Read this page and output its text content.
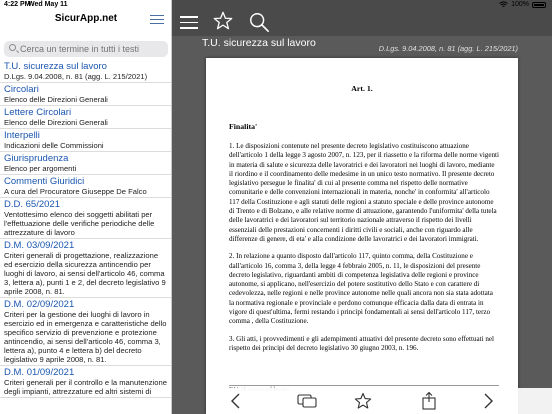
4:22 PM
Wed May 11	100%
SicurApp.net
Cerca un termine in tutti i testi
T.U. sicurezza sul lavoro
D.Lgs. 9.04.2008, n. 81 (agg. L. 215/2021)
Circolari
Elenco delle Direzioni Generali
Lettere Circolari
Elenco delle Direzioni Generali
Interpelli
Indicazioni delle Commissioni
Giurisprudenza
Elenco per argomenti
Commenti Giuridici
A cura del Procuratore Giuseppe De Falco
D.D. 65/2021
Ventottesimo elenco dei soggetti abilitati per l'effettuazione delle verifiche periodiche delle attrezzature di lavoro
D.M. 03/09/2021
Criteri generali di progettazione, realizzazione ed esercizio della sicurezza antincendio per luoghi di lavoro, ai sensi dell'articolo 46, comma 3, lettera a), punti 1 e 2, del decreto legislativo 9 aprile 2008, n. 81.
D.M. 02/09/2021
Criteri per la gestione dei luoghi di lavoro in esercizio ed in emergenza e caratteristiche dello specifico servizio di prevenzione e protezione antincendio, ai sensi dell'articolo 46, comma 3, lettera a), punto 4 e lettera b) del decreto legislativo 9 aprile 2008, n. 81.
D.M. 01/09/2021
Criteri generali per il controllo e la manutenzione degli impianti, attrezzature ed altri sistemi di
T.U. sicurezza sul lavoro	D.Lgs. 9.04.2008, n. 81 (agg. L. 215/2021)
Art. 1.
Finalita'

1. Le disposizioni contenute nel presente decreto legislativo costituiscono attuazione dell'articolo 1 della legge 3 agosto 2007, n. 123, per il riassetto e la riforma delle norme vigenti in materia di salute e sicurezza delle lavoratrici e dei lavoratori nei luoghi di lavoro, mediante il riordino e il coordinamento delle medesime in un unico testo normativo. Il presente decreto legislativo persegue le finalita' di cui al presente comma nel rispetto delle normative comunitarie e delle convenzioni internazionali in materia, nonche' in conformita' all'articolo 117 della Costituzione e agli statuti delle regioni a statuto speciale e delle province autonome di Trento e di Bolzano, e alle relative norme di attuazione, garantendo l'uniformita' della tutela delle lavoratrici e dei lavoratori sul territorio nazionale attraverso il rispetto dei livelli essenziali delle prestazioni concernenti i diritti civili e sociali, anche con riguardo alle differenze di genere, di eta' e alla condizione delle lavoratrici e dei lavoratori immigrati.

2. In relazione a quanto disposto dall'articolo 117, quinto comma, della Costituzione e dall'articolo 16, comma 3, della legge 4 febbraio 2005, n. 11, le disposizioni del presente decreto legislativo, riguardanti ambiti di competenza legislativa delle regioni e province autonome, si applicano, nell'esercizio del potere sostitutivo dello Stato e con carattere di cedevolezza, nelle regioni e nelle province autonome nelle quali ancora non sia stata adottata la normativa regionale e provinciale e perdono comunque efficacia dalla data di entrata in vigore di quest'ultima, fermi restando i principi fondamentali ai sensi dell'articolo 117, terzo comma , della Costituzione.

3. Gli atti, i provvedimenti e gli adempimenti attuativi del presente decreto sono effettuati nel rispetto dei principi del decreto legislativo 30 giugno 2003, n. 196.
